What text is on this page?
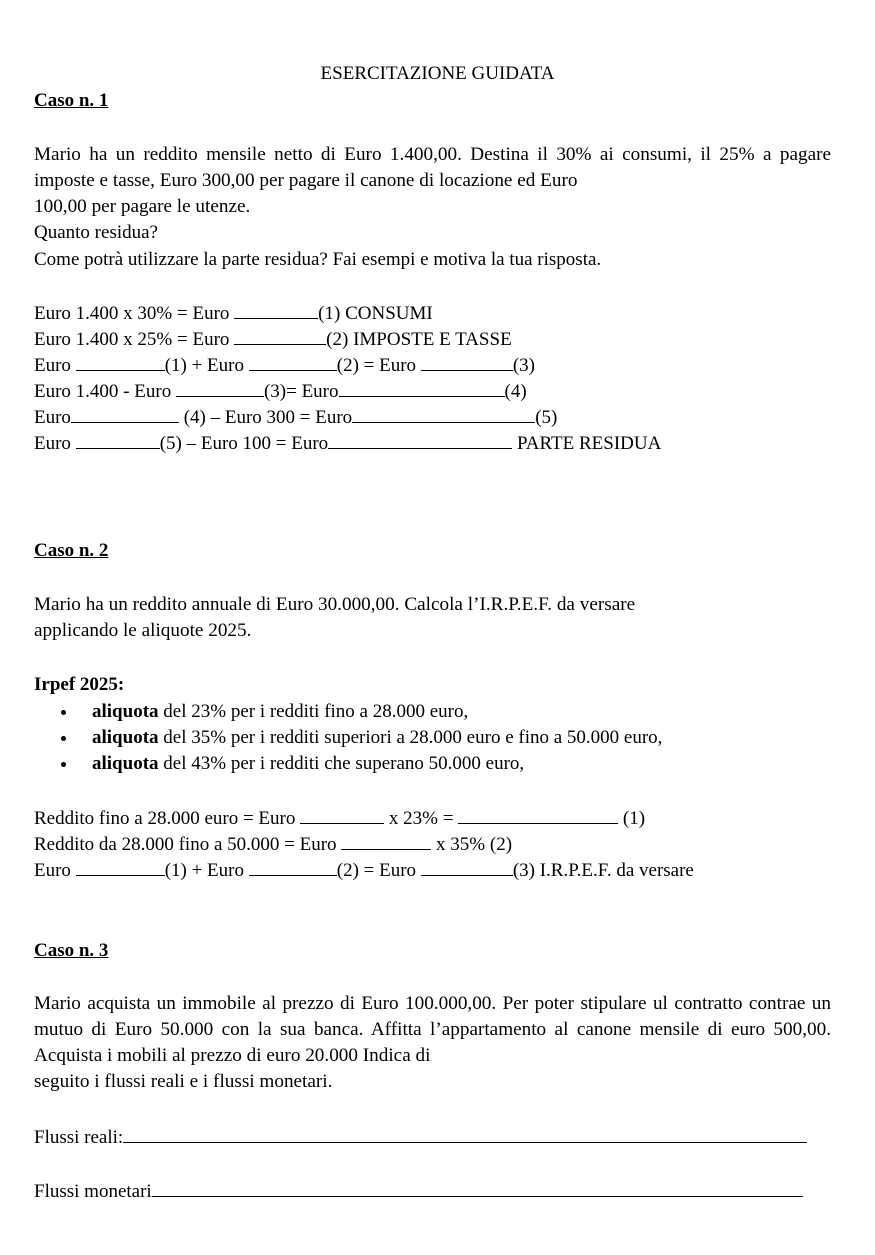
ESERCITAZIONE GUIDATA
Caso n. 1
Mario ha un reddito mensile netto di Euro 1.400,00. Destina il 30% ai consumi, il 25% a pagare imposte e tasse, Euro 300,00 per pagare il canone di locazione ed Euro
100,00 per pagare le utenze.
Quanto residua?
Come potrà utilizzare la parte residua? Fai esempi e motiva la tua risposta.
Euro 1.400 x 30% = Euro	(1) CONSUMI
Euro 1.400 x 25% = Euro	(2) IMPOSTE E TASSE
Euro	(1) + Euro	(2) = Euro	(3)
Euro 1.400 - Euro	(3)= Euro	(4)
Euro	(4) – Euro 300 = Euro	(5)
Euro	(5) – Euro 100 = Euro	PARTE RESIDUA
Caso n. 2
Mario ha un reddito annuale di Euro 30.000,00. Calcola l’I.R.P.E.F. da versare
applicando le aliquote 2025.
Irpef 2025:
aliquota del 23% per i redditi fino a 28.000 euro,
aliquota del 35% per i redditi superiori a 28.000 euro e fino a 50.000 euro,
aliquota del 43% per i redditi che superano 50.000 euro,
Reddito fino a 28.000 euro = Euro	x 23% =	(1)
Reddito da 28.000 fino a 50.000 = Euro	x 35% (2)
Euro	(1) + Euro	(2) = Euro	(3) I.R.P.E.F. da versare
Caso n. 3
Mario acquista un immobile al prezzo di Euro 100.000,00. Per poter stipulare ul contratto contrae un mutuo di Euro 50.000 con la sua banca. Affitta l’appartamento al canone mensile di euro 500,00. Acquista i mobili al prezzo di euro 20.000 Indica di
seguito i flussi reali e i flussi monetari.
Flussi reali:
Flussi monetari
